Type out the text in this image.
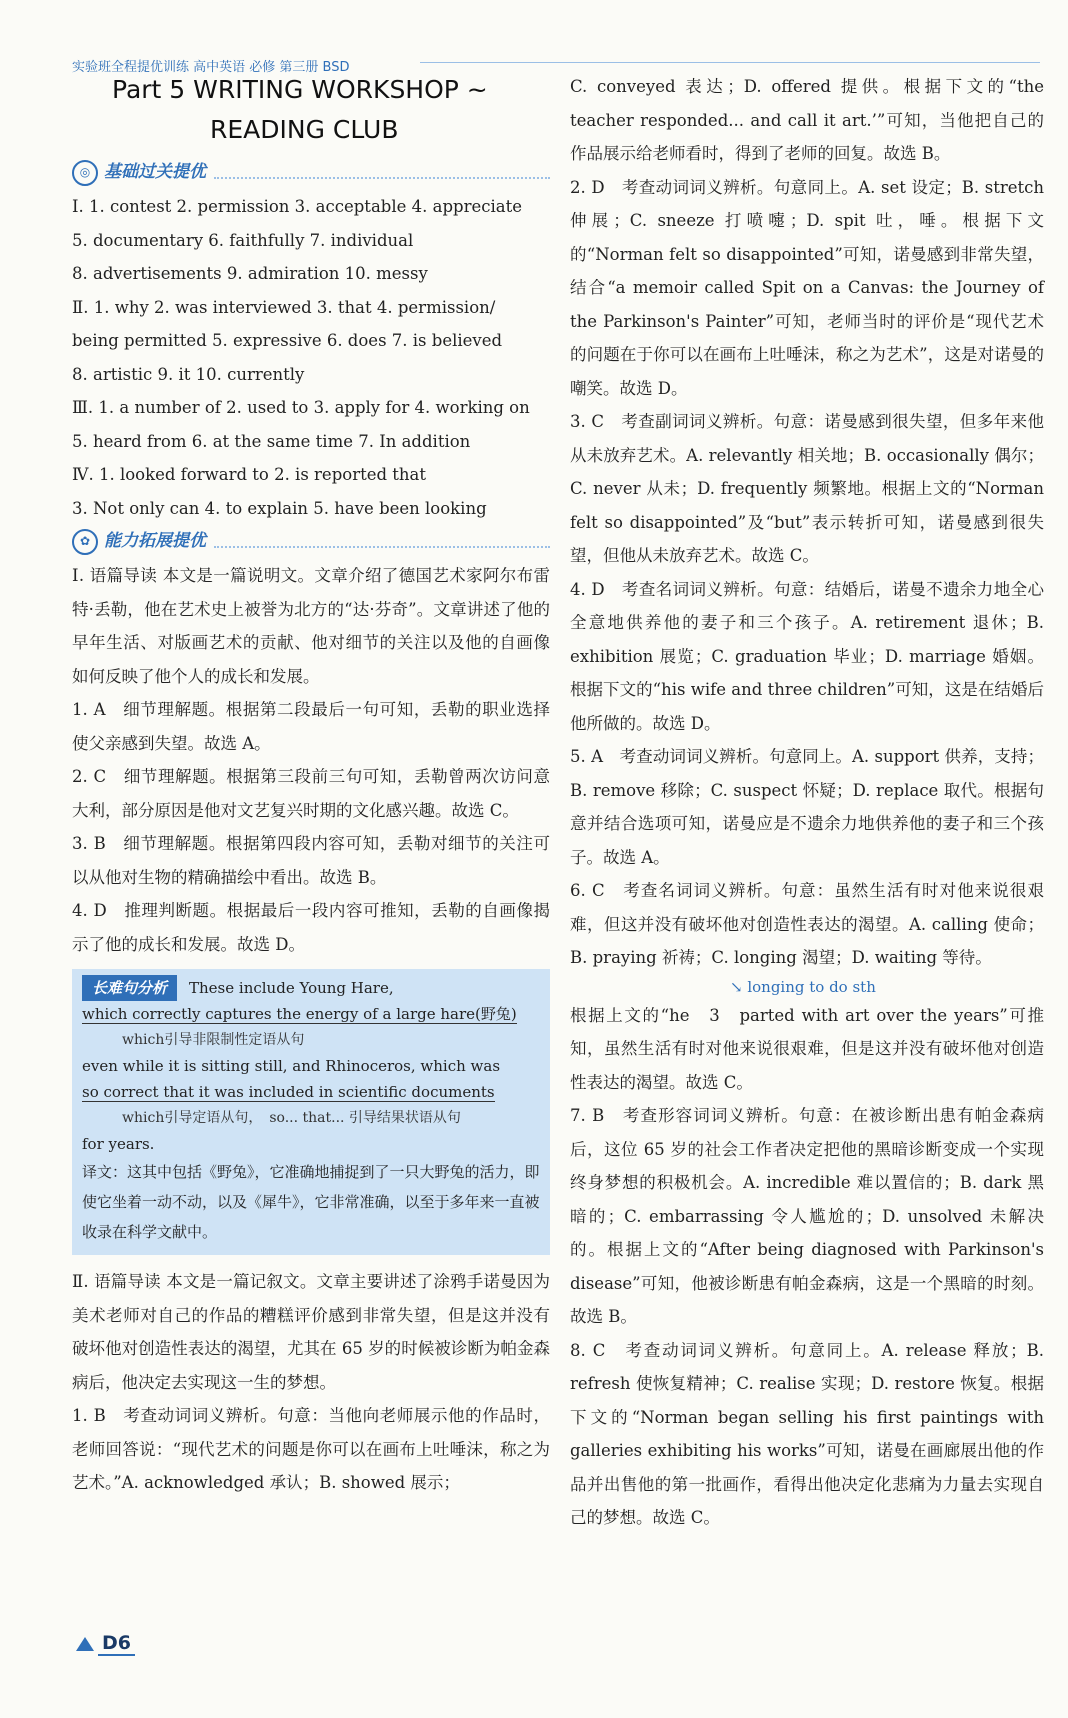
实验班全程提优训练 高中英语 必修 第三册 BSD
Part 5 WRITING WORKSHOP ~
READING CLUB
◎ 基础过关提优
Ⅰ. 1. contest 2. permission 3. acceptable 4. appreciate
5. documentary 6. faithfully 7. individual
8. advertisements 9. admiration 10. messy
Ⅱ. 1. why 2. was interviewed 3. that 4. permission/
being permitted 5. expressive 6. does 7. is believed
8. artistic 9. it 10. currently
Ⅲ. 1. a number of 2. used to 3. apply for 4. working on
5. heard from 6. at the same time 7. In addition
Ⅳ. 1. looked forward to 2. is reported that
3. Not only can 4. to explain 5. have been looking
✿ 能力拓展提优
Ⅰ. 语篇导读 本文是一篇说明文。文章介绍了德国艺术家阿尔布雷特·丢勒，他在艺术史上被誉为北方的“达·芬奇”。文章讲述了他的早年生活、对版画艺术的贡献、他对细节的关注以及他的自画像如何反映了他个人的成长和发展。
1. A　细节理解题。根据第二段最后一句可知，丢勒的职业选择使父亲感到失望。故选 A。
2. C　细节理解题。根据第三段前三句可知，丢勒曾两次访问意大利，部分原因是他对文艺复兴时期的文化感兴趣。故选 C。
3. B　细节理解题。根据第四段内容可知，丢勒对细节的关注可以从他对生物的精确描绘中看出。故选 B。
4. D　推理判断题。根据最后一段内容可推知，丢勒的自画像揭示了他的成长和发展。故选 D。
长难句分析 These include Young Hare,
which correctly captures the energy of a large hare(野兔)
which引导非限制性定语从句
even while it is sitting still, and Rhinoceros, which was
so correct that it was included in scientific documents
which引导定语从句，　so... that... 引导结果状语从句
for years.
译文：这其中包括《野兔》，它准确地捕捉到了一只大野兔的活力，即使它坐着一动不动，以及《犀牛》，它非常准确，以至于多年来一直被收录在科学文献中。
Ⅱ. 语篇导读 本文是一篇记叙文。文章主要讲述了涂鸦手诺曼因为美术老师对自己的作品的糟糕评价感到非常失望，但是这并没有破坏他对创造性表达的渴望，尤其在 65 岁的时候被诊断为帕金森病后，他决定去实现这一生的梦想。
1. B　考查动词词义辨析。句意：当他向老师展示他的作品时，老师回答说：“现代艺术的问题是你可以在画布上吐唾沫，称之为艺术。”A. acknowledged 承认；B. showed 展示；
C. conveyed 表达；D. offered 提供。根据下文的“the teacher responded... and call it art.’”可知，当他把自己的作品展示给老师看时，得到了老师的回复。故选 B。
2. D　考查动词词义辨析。句意同上。A. set 设定；B. stretch 伸展；C. sneeze 打喷嚏；D. spit 吐，唾。根据下文的“Norman felt so disappointed”可知，诺曼感到非常失望，结合“a memoir called Spit on a Canvas: the Journey of the Parkinson's Painter”可知，老师当时的评价是“现代艺术的问题在于你可以在画布上吐唾沫，称之为艺术”，这是对诺曼的嘲笑。故选 D。
3. C　考查副词词义辨析。句意：诺曼感到很失望，但多年来他从未放弃艺术。A. relevantly 相关地；B. occasionally 偶尔；C. never 从未；D. frequently 频繁地。根据上文的“Norman felt so disappointed”及“but”表示转折可知，诺曼感到很失望，但他从未放弃艺术。故选 C。
4. D　考查名词词义辨析。句意：结婚后，诺曼不遗余力地全心全意地供养他的妻子和三个孩子。A. retirement 退休；B. exhibition 展览；C. graduation 毕业；D. marriage 婚姻。根据下文的“his wife and three children”可知，这是在结婚后他所做的。故选 D。
5. A　考查动词词义辨析。句意同上。A. support 供养，支持；B. remove 移除；C. suspect 怀疑；D. replace 取代。根据句意并结合选项可知，诺曼应是不遗余力地供养他的妻子和三个孩子。故选 A。
6. C　考查名词词义辨析。句意：虽然生活有时对他来说很艰难，但这并没有破坏他对创造性表达的渴望。A. calling 使命；B. praying 祈祷；C. longing 渴望；D. waiting 等待。
↘ longing to do sth
根据上文的“he　3　parted with art over the years”可推知，虽然生活有时对他来说很艰难，但是这并没有破坏他对创造性表达的渴望。故选 C。
7. B　考查形容词词义辨析。句意：在被诊断出患有帕金森病后，这位 65 岁的社会工作者决定把他的黑暗诊断变成一个实现终身梦想的积极机会。A. incredible 难以置信的；B. dark 黑暗的；C. embarrassing 令人尴尬的；D. unsolved 未解决的。根据上文的“After being diagnosed with Parkinson's disease”可知，他被诊断患有帕金森病，这是一个黑暗的时刻。故选 B。
8. C　考查动词词义辨析。句意同上。A. release 释放；B. refresh 使恢复精神；C. realise 实现；D. restore 恢复。根据下文的“Norman began selling his first paintings with galleries exhibiting his works”可知，诺曼在画廊展出他的作品并出售他的第一批画作，看得出他决定化悲痛为力量去实现自己的梦想。故选 C。
D6
